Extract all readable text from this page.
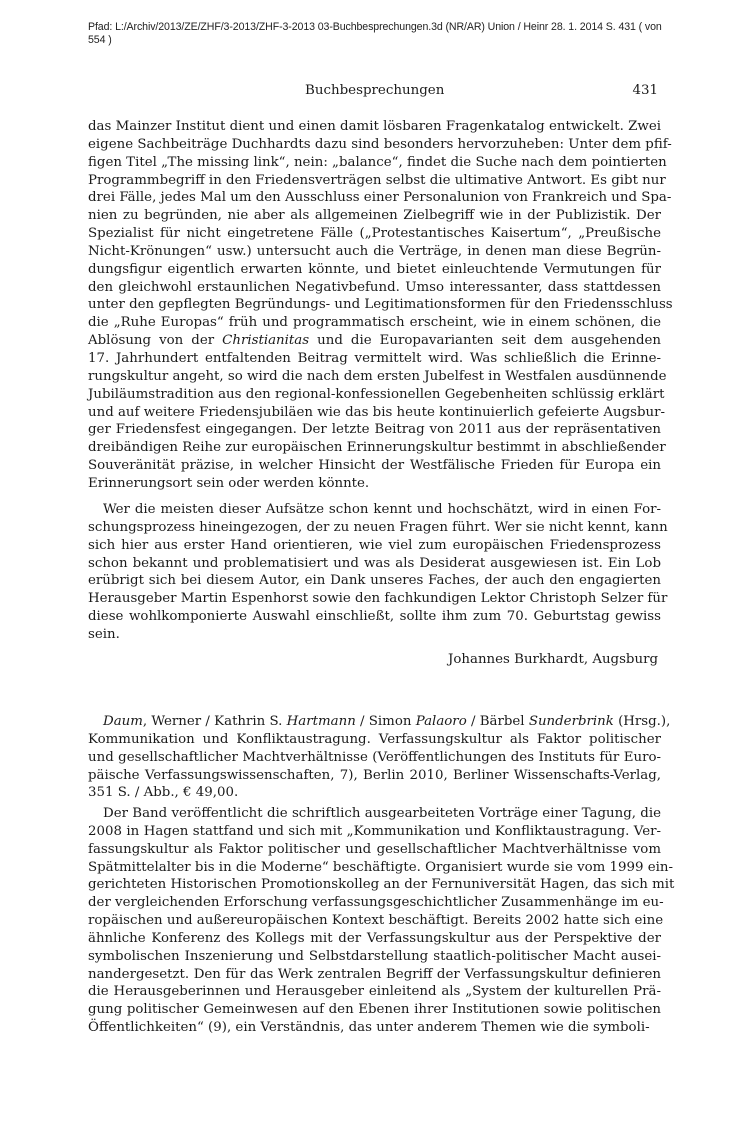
Pfad: L:/Archiv/2013/ZE/ZHF/3-2013/ZHF-3-2013 03-Buchbesprechungen.3d (NR/AR) Union / Heinr 28. 1. 2014 S. 431 ( von
554 )
Buchbesprechungen	431
das Mainzer Institut dient und einen damit lösbaren Fragenkatalog entwickelt. Zwei
eigene Sachbeiträge Duchhardts dazu sind besonders hervorzuheben: Unter dem pfif-
figen Titel „The missing link“, nein: „balance“, findet die Suche nach dem pointierten
Programmbegriff in den Friedensverträgen selbst die ultimative Antwort. Es gibt nur
drei Fälle, jedes Mal um den Ausschluss einer Personalunion von Frankreich und Spa-
nien zu begründen, nie aber als allgemeinen Zielbegriff wie in der Publizistik. Der
Spezialist für nicht eingetretene Fälle („Protestantisches Kaisertum“, „Preußische
Nicht-Krönungen“ usw.) untersucht auch die Verträge, in denen man diese Begrün-
dungsfigur eigentlich erwarten könnte, und bietet einleuchtende Vermutungen für
den gleichwohl erstaunlichen Negativbefund. Umso interessanter, dass stattdessen
unter den gepflegten Begründungs- und Legitimationsformen für den Friedensschluss
die „Ruhe Europas“ früh und programmatisch erscheint, wie in einem schönen, die
Ablösung von der Christianitas und die Europavarianten seit dem ausgehenden
17. Jahrhundert entfaltenden Beitrag vermittelt wird. Was schließlich die Erinne-
rungskultur angeht, so wird die nach dem ersten Jubelfest in Westfalen ausdünnende
Jubiläumstradition aus den regional-konfessionellen Gegebenheiten schlüssig erklärt
und auf weitere Friedensjubiläen wie das bis heute kontinuierlich gefeierte Augsbur-
ger Friedensfest eingegangen. Der letzte Beitrag von 2011 aus der repräsentativen
dreibändigen Reihe zur europäischen Erinnerungskultur bestimmt in abschließender
Souveränität präzise, in welcher Hinsicht der Westfälische Frieden für Europa ein
Erinnerungsort sein oder werden könnte.
Wer die meisten dieser Aufsätze schon kennt und hochschätzt, wird in einen For-
schungsprozess hineingezogen, der zu neuen Fragen führt. Wer sie nicht kennt, kann
sich hier aus erster Hand orientieren, wie viel zum europäischen Friedensprozess
schon bekannt und problematisiert und was als Desiderat ausgewiesen ist. Ein Lob
erübrigt sich bei diesem Autor, ein Dank unseres Faches, der auch den engagierten
Herausgeber Martin Espenhorst sowie den fachkundigen Lektor Christoph Selzer für
diese wohlkomponierte Auswahl einschließt, sollte ihm zum 70. Geburtstag gewiss
sein.
Johannes Burkhardt, Augsburg
Daum, Werner / Kathrin S. Hartmann / Simon Palaoro / Bärbel Sunderbrink (Hrsg.),
Kommunikation und Konfliktaustragung. Verfassungskultur als Faktor politischer
und gesellschaftlicher Machtverhältnisse (Veröffentlichungen des Instituts für Euro-
päische Verfassungswissenschaften, 7), Berlin 2010, Berliner Wissenschafts-Verlag,
351 S. / Abb., € 49,00.
Der Band veröffentlicht die schriftlich ausgearbeiteten Vorträge einer Tagung, die
2008 in Hagen stattfand und sich mit „Kommunikation und Konfliktaustragung. Ver-
fassungskultur als Faktor politischer und gesellschaftlicher Machtverhältnisse vom
Spätmittelalter bis in die Moderne“ beschäftigte. Organisiert wurde sie vom 1999 ein-
gerichteten Historischen Promotionskolleg an der Fernuniversität Hagen, das sich mit
der vergleichenden Erforschung verfassungsgeschichtlicher Zusammenhänge im eu-
ropäischen und außereuropäischen Kontext beschäftigt. Bereits 2002 hatte sich eine
ähnliche Konferenz des Kollegs mit der Verfassungskultur aus der Perspektive der
symbolischen Inszenierung und Selbstdarstellung staatlich-politischer Macht ausei-
nandergesetzt. Den für das Werk zentralen Begriff der Verfassungskultur definieren
die Herausgeberinnen und Herausgeber einleitend als „System der kulturellen Prä-
gung politischer Gemeinwesen auf den Ebenen ihrer Institutionen sowie politischen
Öffentlichkeiten“ (9), ein Verständnis, das unter anderem Themen wie die symboli-
